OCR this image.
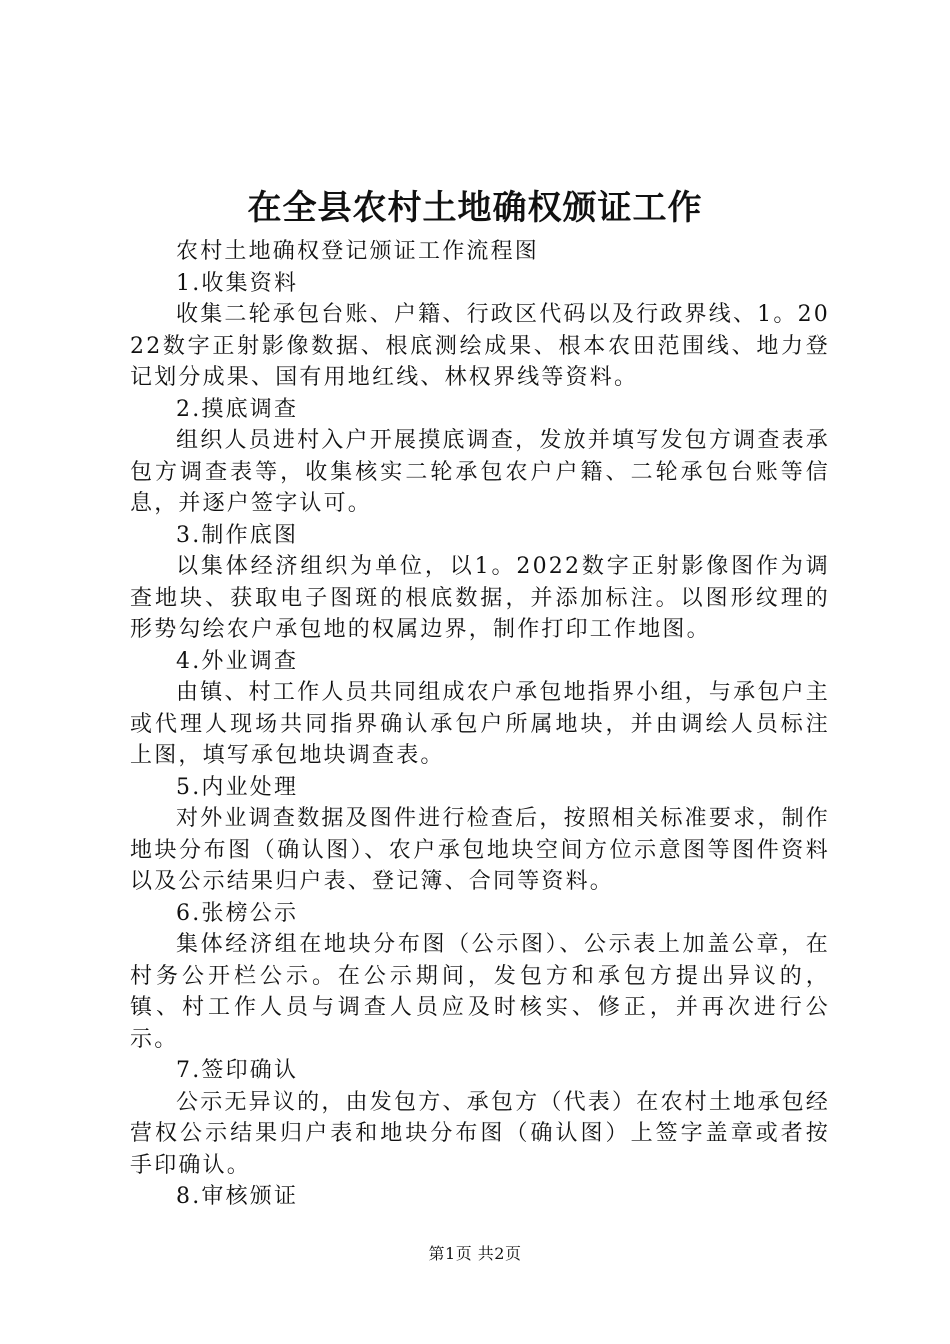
在全县农村土地确权颁证工作

农村土地确权登记颁证工作流程图

1.收集资料

收集二轮承包台账、户籍、行政区代码以及行政界线、1。2022数字正射影像数据、根底测绘成果、根本农田范围线、地力登记划分成果、国有用地红线、林权界线等资料。

2.摸底调查

组织人员进村入户开展摸底调查，发放并填写发包方调查表承包方调查表等，收集核实二轮承包农户户籍、二轮承包台账等信息，并逐户签字认可。

3.制作底图

以集体经济组织为单位，以1。2022数字正射影像图作为调查地块、获取电子图斑的根底数据，并添加标注。以图形纹理的形势勾绘农户承包地的权属边界，制作打印工作地图。

4.外业调查

由镇、村工作人员共同组成农户承包地指界小组，与承包户主或代理人现场共同指界确认承包户所属地块，并由调绘人员标注上图，填写承包地块调查表。

5.内业处理

对外业调查数据及图件进行检查后，按照相关标准要求，制作地块分布图（确认图）、农户承包地块空间方位示意图等图件资料以及公示结果归户表、登记簿、合同等资料。

6.张榜公示

集体经济组在地块分布图（公示图）、公示表上加盖公章，在村务公开栏公示。在公示期间，发包方和承包方提出异议的，镇、村工作人员与调查人员应及时核实、修正，并再次进行公示。

7.签印确认

公示无异议的，由发包方、承包方（代表）在农村土地承包经营权公示结果归户表和地块分布图（确认图）上签字盖章或者按手印确认。

8.审核颁证

第1页 共2页
